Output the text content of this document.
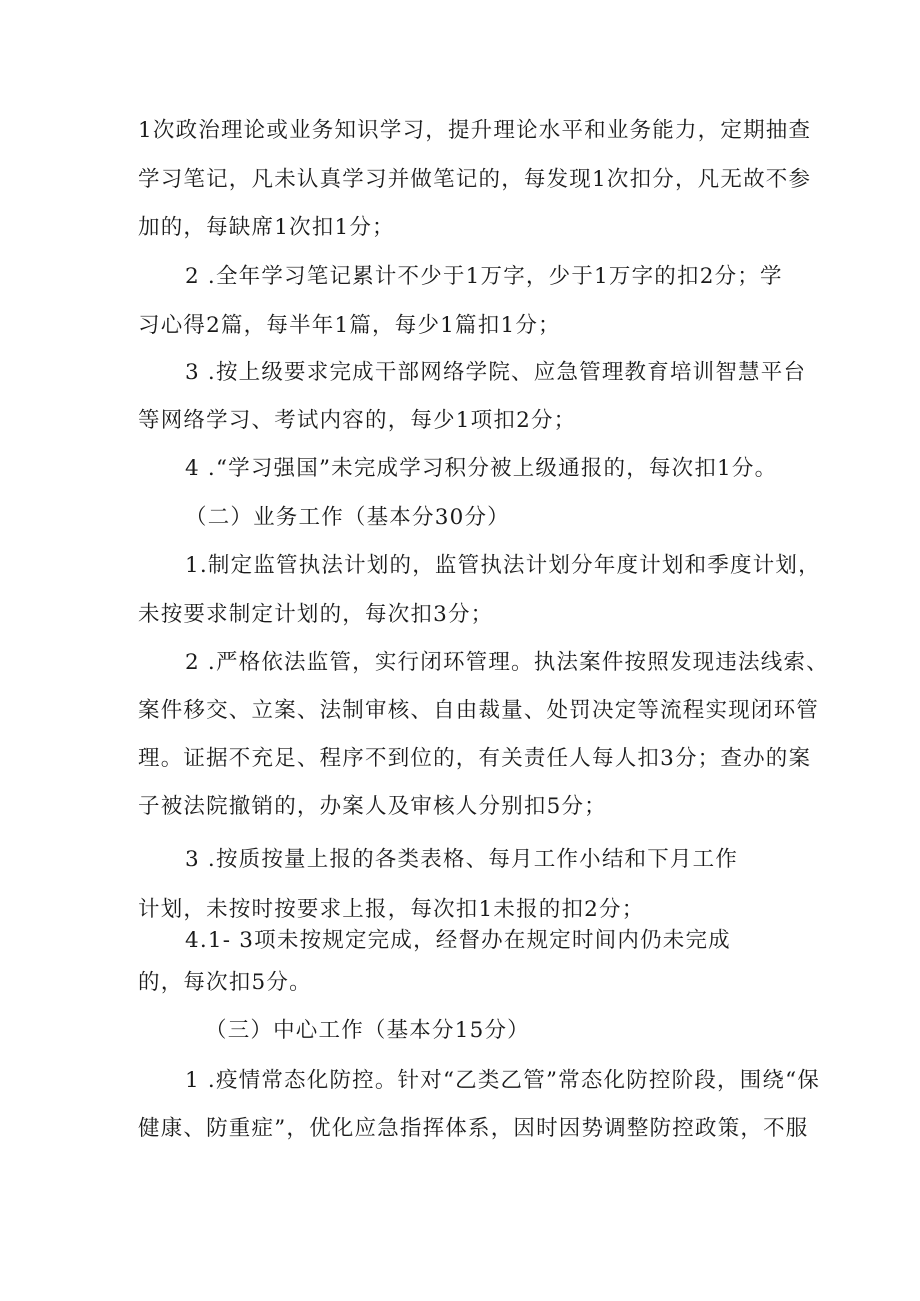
1次政治理论或业务知识学习，提升理论水平和业务能力，定期抽查

学习笔记，凡未认真学习并做笔记的，每发现1次扣分，凡无故不参

加的，每缺席1次扣1分；

2 .全年学习笔记累计不少于1万字，少于1万字的扣2分；学

习心得2篇，每半年1篇，每少1篇扣1分；

3 .按上级要求完成干部网络学院、应急管理教育培训智慧平台

等网络学习、考试内容的，每少1项扣2分；

4 .“学习强国”未完成学习积分被上级通报的，每次扣1分。

（二）业务工作（基本分30分）

1.制定监管执法计划的，监管执法计划分年度计划和季度计划，

未按要求制定计划的，每次扣3分；

2 .严格依法监管，实行闭环管理。执法案件按照发现违法线索、

案件移交、立案、法制审核、自由裁量、处罚决定等流程实现闭环管

理。证据不充足、程序不到位的，有关责任人每人扣3分；查办的案

子被法院撤销的，办案人及审核人分别扣5分；

3 .按质按量上报的各类表格、每月工作小结和下月工作

计划，未按时按要求上报，每次扣1未报的扣2分；

4.1- 3项未按规定完成，经督办在规定时间内仍未完成

的，每次扣5分。

（三）中心工作（基本分15分）

1 .疫情常态化防控。针对“乙类乙管”常态化防控阶段，围绕“保

健康、防重症”，优化应急指挥体系，因时因势调整防控政策，不服
